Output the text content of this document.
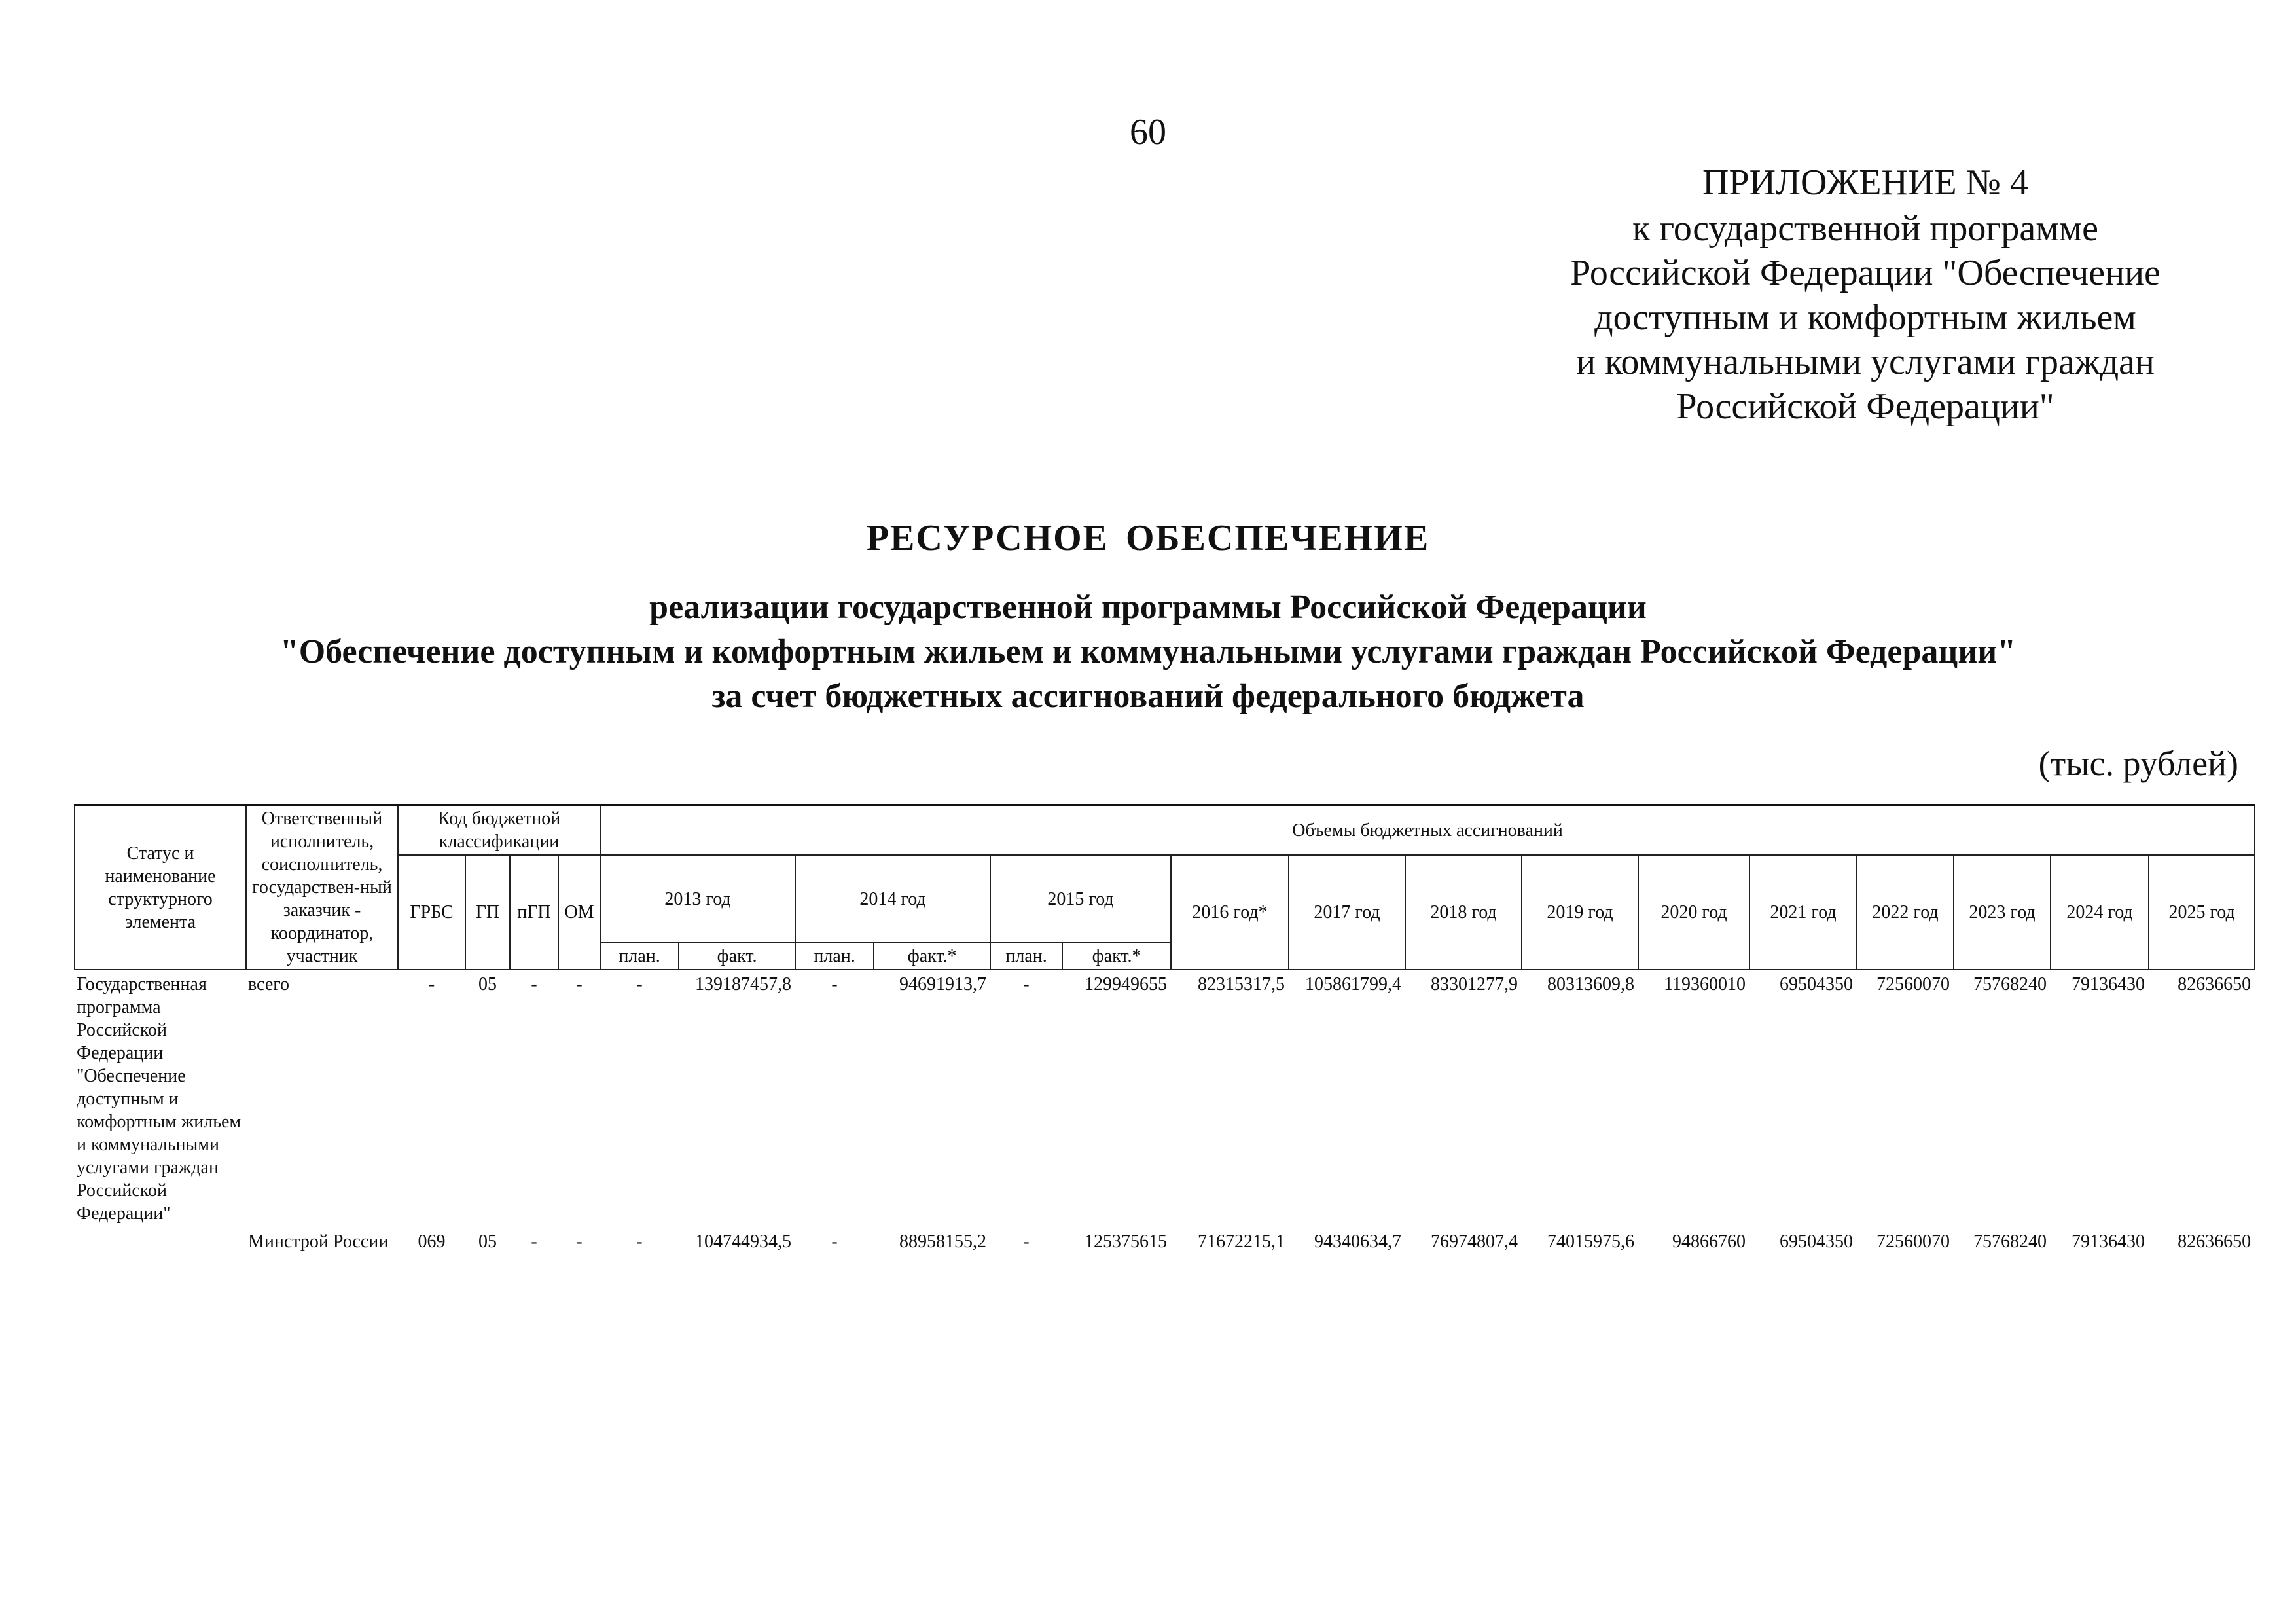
60
ПРИЛОЖЕНИЕ № 4
к государственной программе
Российской Федерации "Обеспечение
доступным и комфортным жильем
и коммунальными услугами граждан
Российской Федерации"
РЕСУРСНОЕ ОБЕСПЕЧЕНИЕ
реализации государственной программы Российской Федерации
"Обеспечение доступным и комфортным жильем и коммунальными услугами граждан Российской Федерации"
за счет бюджетных ассигнований федерального бюджета
(тыс. рублей)
Статус и наименование структурного элемента	Ответственный исполнитель, соисполнитель, государствен-ный заказчик - координатор, участник	Код бюджетной классификации				Объемы бюджетных ассигнований															
		ГРБС	ГП	пГП	ОМ	2013 год		2014 год		2015 год		2016 год*	2017 год	2018 год	2019 год	2020 год	2021 год	2022 год	2023 год	2024 год	2025 год
						план.	факт.	план.	факт.*	план.	факт.*										
Государственная программа Российской Федерации "Обеспечение доступным и комфортным жильем и коммунальными услугами граждан Российской Федерации"	всего	-	05	-	-	-	139187457,8	-	94691913,7	-	129949655	82315317,5	105861799,4	83301277,9	80313609,8	119360010	69504350	72560070	75768240	79136430	82636650
	Минстрой России	069	05	-	-	-	104744934,5	-	88958155,2	-	125375615	71672215,1	94340634,7	76974807,4	74015975,6	94866760	69504350	72560070	75768240	79136430	82636650
